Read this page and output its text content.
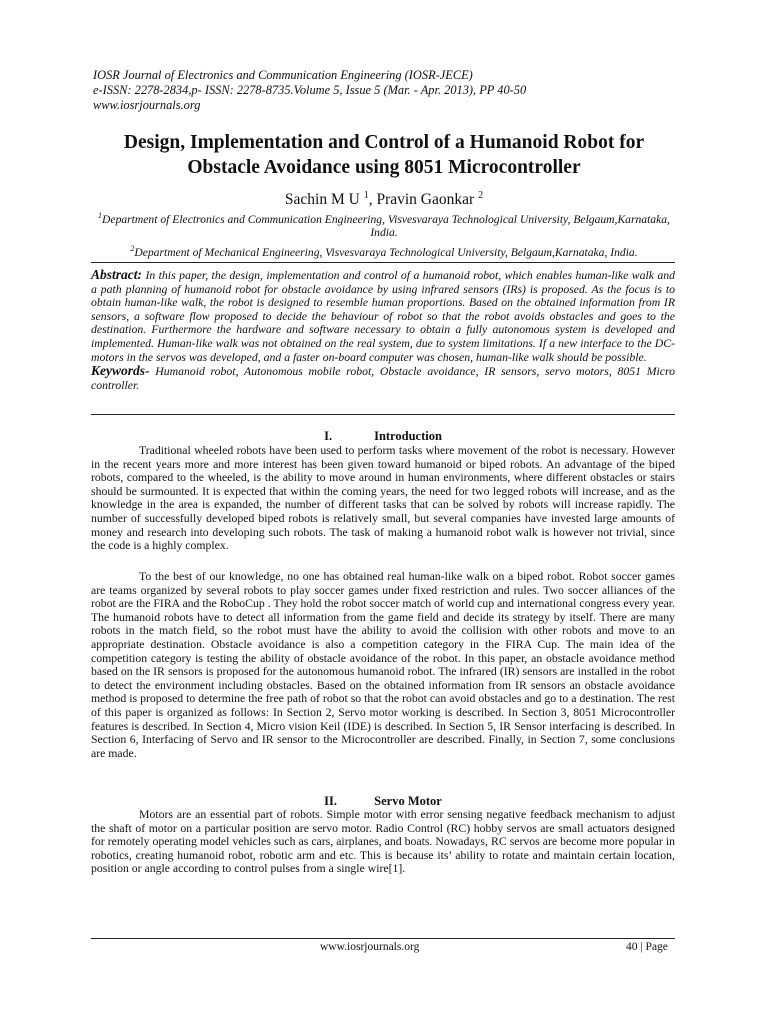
IOSR Journal of Electronics and Communication Engineering (IOSR-JECE)
e-ISSN: 2278-2834,p- ISSN: 2278-8735.Volume 5, Issue 5 (Mar. - Apr. 2013), PP 40-50
www.iosrjournals.org
Design, Implementation and Control of a Humanoid Robot for
Obstacle Avoidance using 8051 Microcontroller
Sachin M U $^1$, Pravin Gaonkar $^2$

$^1$Department of Electronics and Communication Engineering, Visvesvaraya Technological University, Belgaum,Karnataka, India.

$^2$Department of Mechanical Engineering, Visvesvaraya Technological University, Belgaum,Karnataka, India.

Abstract: In this paper, the design, implementation and control of a humanoid robot, which enables human-like walk and a path planning of humanoid robot for obstacle avoidance by using infrared sensors (IRs) is proposed. As the focus is to obtain human-like walk, the robot is designed to resemble human proportions. Based on the obtained information from IR sensors, a software flow proposed to decide the behaviour of robot so that the robot avoids obstacles and goes to the destination. Furthermore the hardware and software necessary to obtain a fully autonomous system is developed and implemented. Human-like walk was not obtained on the real system, due to system limitations. If a new interface to the DC-motors in the servos was developed, and a faster on-board computer was chosen, human-like walk should be possible.

Keywords- Humanoid robot, Autonomous mobile robot, Obstacle avoidance, IR sensors, servo motors, 8051 Micro controller.

I.	Introduction

Traditional wheeled robots have been used to perform tasks where movement of the robot is necessary. However in the recent years more and more interest has been given toward humanoid or biped robots. An advantage of the biped robots, compared to the wheeled, is the ability to move around in human environments, where different obstacles or stairs should be surmounted. It is expected that within the coming years, the need for two legged robots will increase, and as the knowledge in the area is expanded, the number of different tasks that can be solved by robots will increase rapidly. The number of successfully developed biped robots is relatively small, but several companies have invested large amounts of money and research into developing such robots. The task of making a humanoid robot walk is however not trivial, since the code is a highly complex.

To the best of our knowledge, no one has obtained real human-like walk on a biped robot. Robot soccer games are teams organized by several robots to play soccer games under fixed restriction and rules. Two soccer alliances of the robot are the FIRA and the RoboCup . They hold the robot soccer match of world cup and international congress every year. The humanoid robots have to detect all information from the game field and decide its strategy by itself. There are many robots in the match field, so the robot must have the ability to avoid the collision with other robots and move to an appropriate destination. Obstacle avoidance is also a competition category in the FIRA Cup. The main idea of the competition category is testing the ability of obstacle avoidance of the robot. In this paper, an obstacle avoidance method based on the IR sensors is proposed for the autonomous humanoid robot. The infrared (IR) sensors are installed in the robot to detect the environment including obstacles. Based on the obtained information from IR sensors an obstacle avoidance method is proposed to determine the free path of robot so that the robot can avoid obstacles and go to a destination. The rest of this paper is organized as follows: In Section 2, Servo motor working is described. In Section 3, 8051 Microcontroller features is described. In Section 4, Micro vision Keil (IDE) is described. In Section 5, IR Sensor interfacing is described. In Section 6, Interfacing of Servo and IR sensor to the Microcontroller are described. Finally, in Section 7, some conclusions are made.

II.	Servo Motor

Motors are an essential part of robots. Simple motor with error sensing negative feedback mechanism to adjust the shaft of motor on a particular position are servo motor. Radio Control (RC) hobby servos are small actuators designed for remotely operating model vehicles such as cars, airplanes, and boats. Nowadays, RC servos are become more popular in robotics, creating humanoid robot, robotic arm and etc. This is because its’ ability to rotate and maintain certain location, position or angle according to control pulses from a single wire[1].

www.iosrjournals.org	40 | Page
